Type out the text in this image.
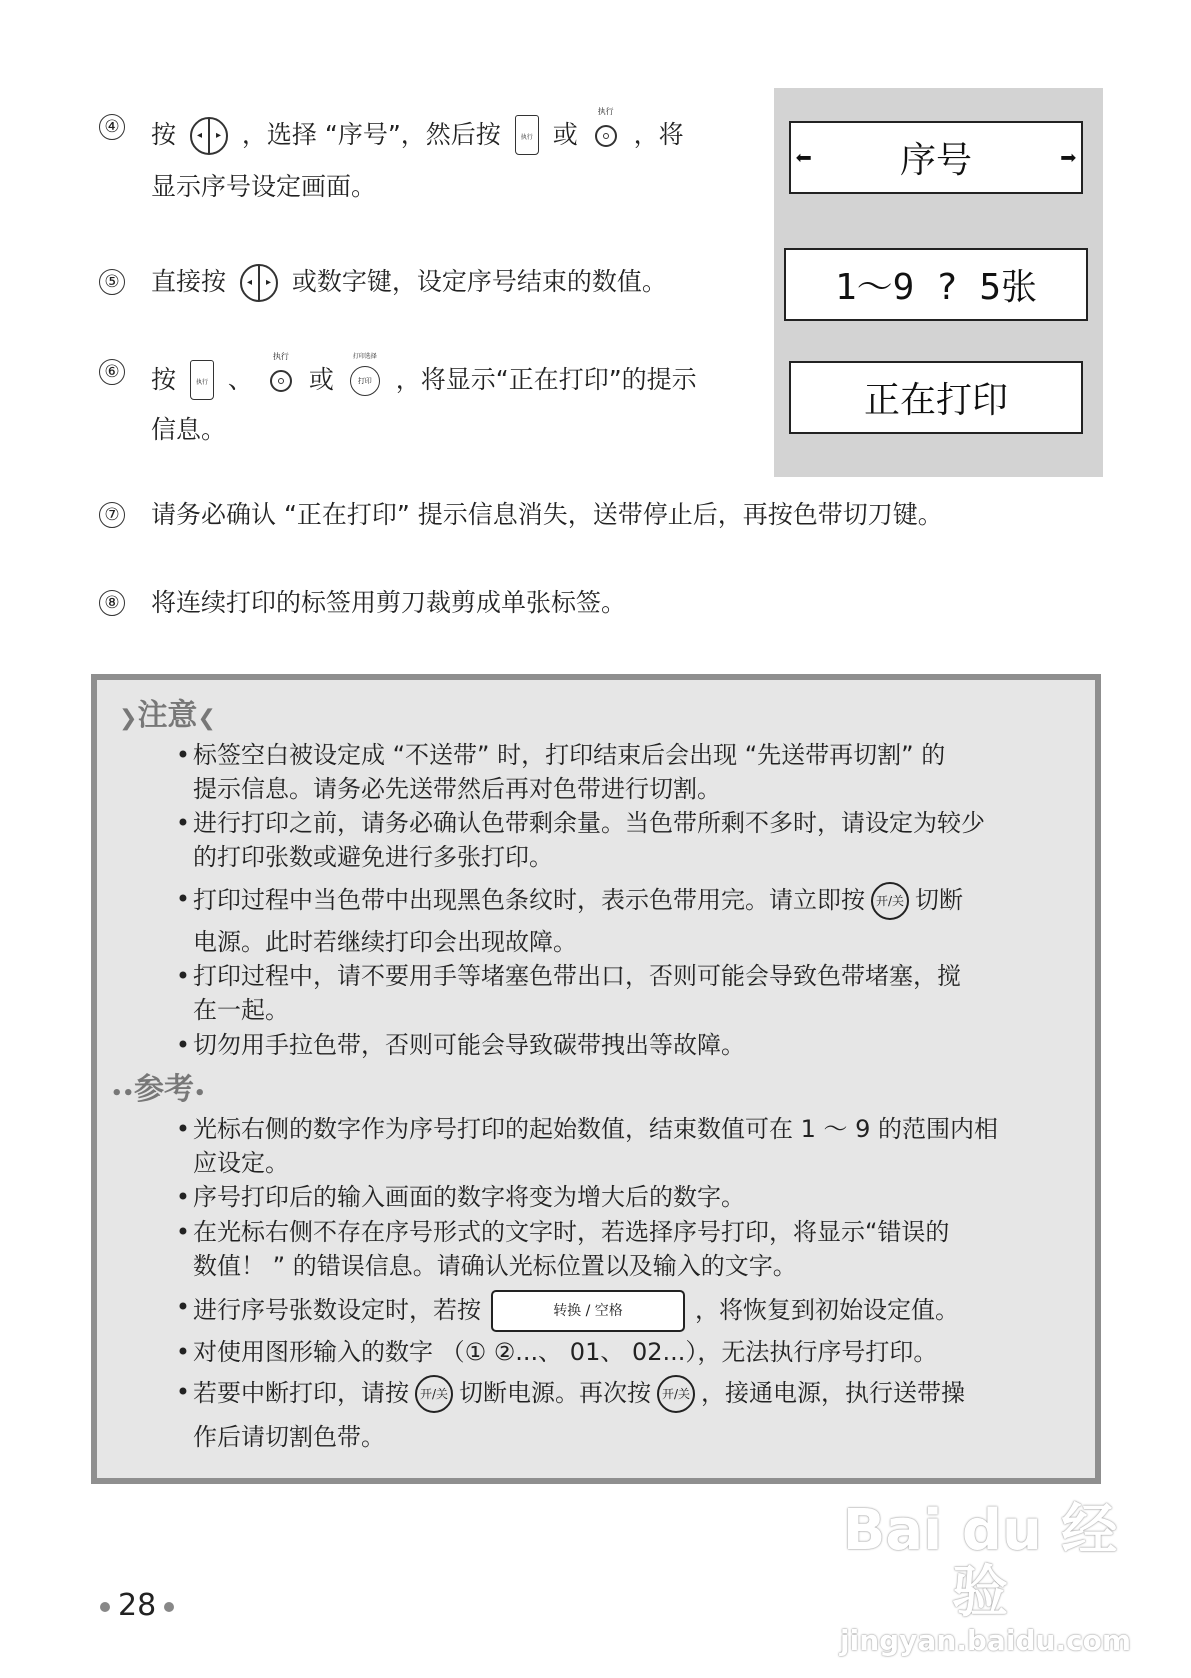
④ 按 ◂ ▸ ，选择 “序号”，然后按	执行 或
执行
，将
显示序号设定画面。
⑤ 直接按 ◂ ▸ 或数字键，设定序号结束的数值。
⑥ 按	执行 、
执行
或
打印选择
打印 ，将显示“正在打印”的提示
信息。
⑦ 请务必确认 “正在打印” 提示信息消失，送带停止后，再按色带切刀键。
⑧ 将连续打印的标签用剪刀裁剪成单张标签。
⬅ 序号	➡
1～9 ? 5张
正在打印
❯注意❮
• 标签空白被设定成 “不送带” 时，打印结束后会出现 “先送带再切割” 的
提示信息。请务必先送带然后再对色带进行切割。
• 进行打印之前，请务必确认色带剩余量。当色带所剩不多时，请设定为较少
的打印张数或避免进行多张打印。
• 打印过程中当色带中出现黑色条纹时，表示色带用完。请立即按 开/关 切断
电源。此时若继续打印会出现故障。
• 打印过程中，请不要用手等堵塞色带出口，否则可能会导致色带堵塞，搅
在一起。
• 切勿用手拉色带，否则可能会导致碳带拽出等故障。
••参考•
• 光标右侧的数字作为序号打印的起始数值，结束数值可在 1 ～ 9 的范围内相
应设定。
• 序号打印后的输入画面的数字将变为增大后的数字。
• 在光标右侧不存在序号形式的文字时，若选择序号打印，将显示“错误的
数值！ ” 的错误信息。请确认光标位置以及输入的文字。
• 进行序号张数设定时，若按	转换 / 空格	，将恢复到初始设定值。
• 对使用图形输入的数字 （① ②...、 01、 02...），无法执行序号打印。
• 若要中断打印，请按 开/关 切断电源。再次按 开/关 ，接通电源，执行送带操
作后请切割色带。
28
Bai du 经验
jingyan.baidu.com
